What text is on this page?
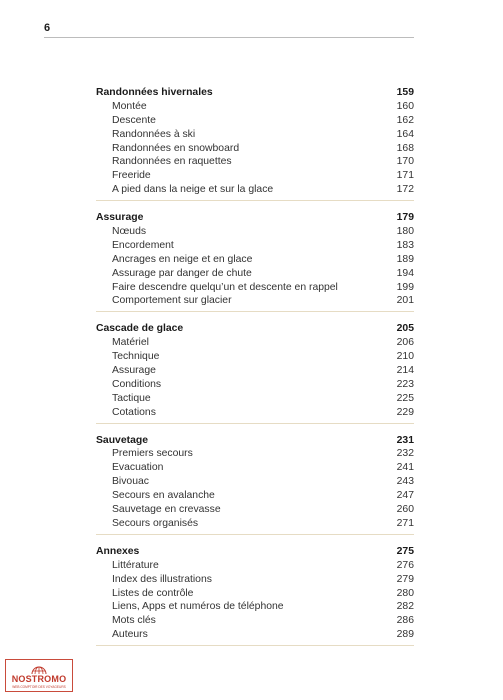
6
Randonnées hivernales	159
Montée	160
Descente	162
Randonnées à ski	164
Randonnées en snowboard	168
Randonnées en raquettes	170
Freeride	171
A pied dans la neige et sur la glace	172
Assurage	179
Nœuds	180
Encordement	183
Ancrages en neige et en glace	189
Assurage par danger de chute	194
Faire descendre quelqu’un et descente en rappel	199
Comportement sur glacier	201
Cascade de glace	205
Matériel	206
Technique	210
Assurage	214
Conditions	223
Tactique	225
Cotations	229
Sauvetage	231
Premiers secours	232
Evacuation	241
Bivouac	243
Secours en avalanche	247
Sauvetage en crevasse	260
Secours organisés	271
Annexes	275
Littérature	276
Index des illustrations	279
Listes de contrôle	280
Liens, Apps et numéros de téléphone	282
Mots clés	286
Auteurs	289
NOSTROMO
WEB COMPTOIR DES VOYAGEURS
